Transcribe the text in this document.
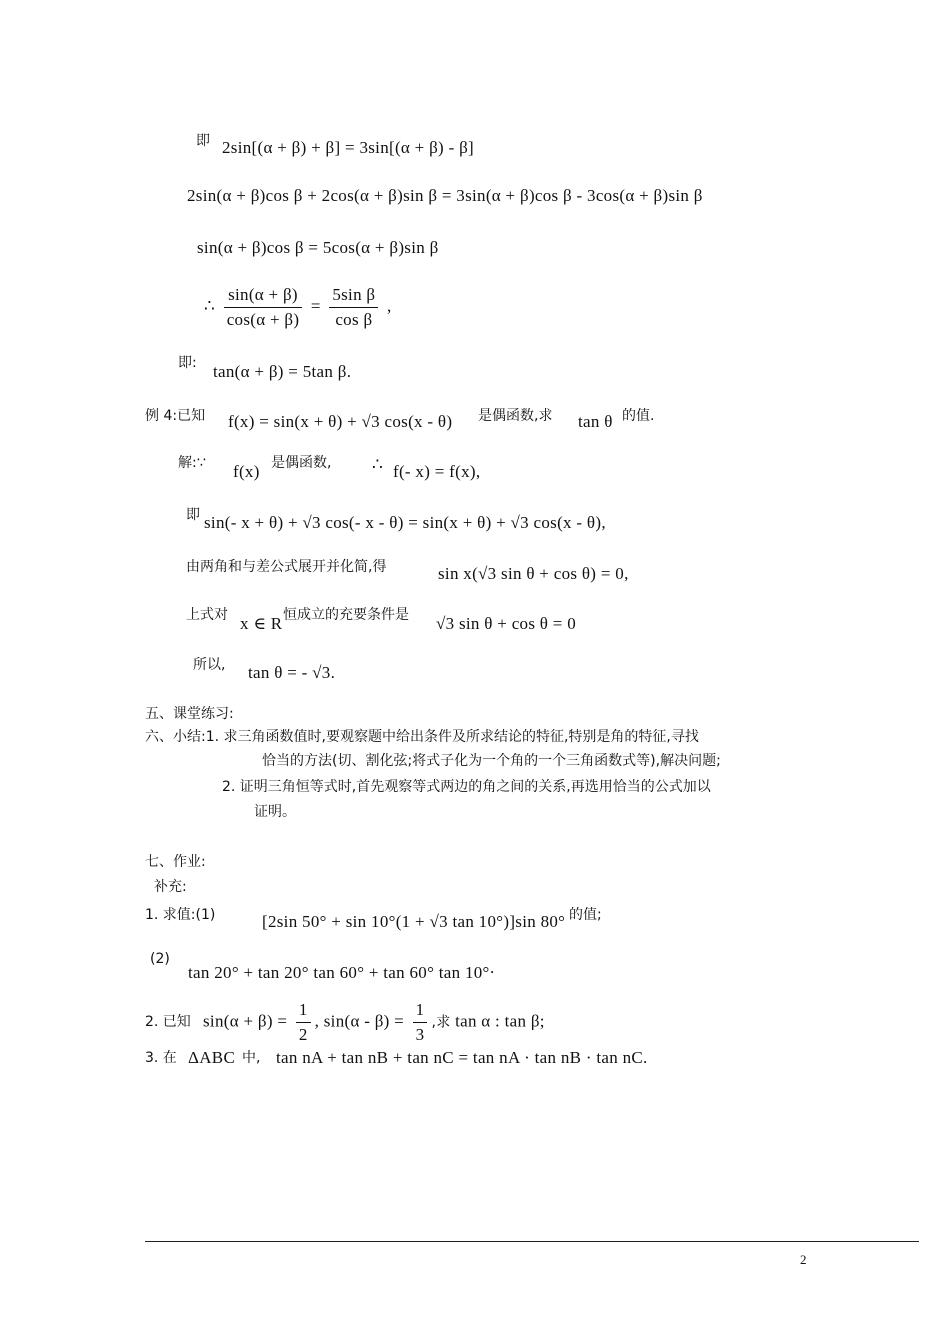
即 2sin[(α + β) + β] = 3sin[(α + β) - β]
2sin(α + β)cos β + 2cos(α + β)sin β = 3sin(α + β)cos β - 3cos(α + β)sin β
sin(α + β)cos β = 5cos(α + β)sin β
∴ $\frac{\sin(\alpha + \beta)}{\cos(\alpha + \beta)} = \frac{\text{5sin β}}{\text{cos β}}$ ,
即: tan(α + β) = 5tan β.
例 4:已知 f(x) = sin(x + θ) + √3 cos(x - θ) 是偶函数,求 tan θ 的值.
解:∵ f(x) 是偶函数, ∴ f(- x) = f(x),
即 sin(- x + θ) + √3 cos(- x - θ) = sin(x + θ) + √3 cos(x - θ),
由两角和与差公式展开并化简,得	sin x(√3 sin θ + cos θ) = 0,
上式对 x ∈ R 恒成立的充要条件是 √3 sin θ + cos θ = 0
所以, tan θ = - √3.
五、课堂练习:
六、小结:1. 求三角函数值时,要观察题中给出条件及所求结论的特征,特别是角的特征,寻找
恰当的方法(切、割化弦;将式子化为一个角的一个三角函数式等),解决问题;
2. 证明三角恒等式时,首先观察等式两边的角之间的关系,再选用恰当的公式加以
证明。
七、作业:
补充:
1. 求值:(1)	[2sin 50° + sin 10°(1 + √3 tan 10°)]sin 80° 的值;
(2)
tan 20° + tan 20° tan 60° + tan 60° tan 10° .
2. 已知 $\sin(\alpha + \beta) = \frac{1}{2}$ , $\sin(\alpha - \beta) = \frac{1}{3}$ ,求 tan α : tan β;
3. 在 ΔABC 中, tan nA + tan nB + tan nC = tan nA · tan nB · tan nC.
2
